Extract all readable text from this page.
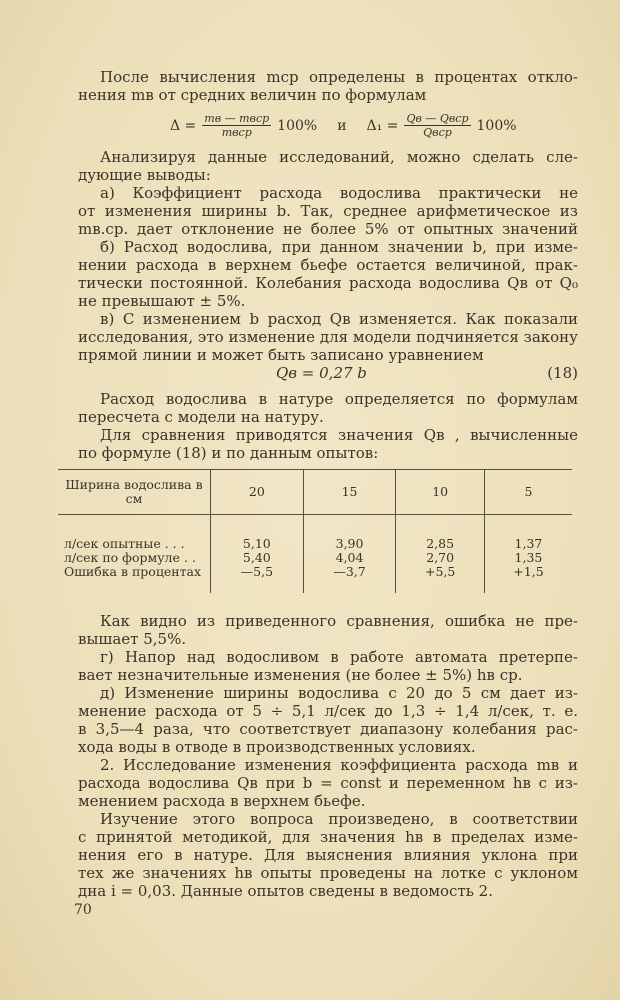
После вычисления mср определены в процентах откло-
нения mв от средних величин по формулам
$\Delta = \frac{\text{mв — mвср}}{\text{mвср}} 100\%$ и $\Delta_1 = \frac{\text{Qв — Qвср}}{\text{Qвср}} 100\%$
Анализируя данные исследований, можно сделать сле-
дующие выводы:
а) Коэффициент расхода водослива практически не
от изменения ширины b. Так, среднее арифметическое из
mв.ср. дает отклонение не более 5% от опытных значений
б) Расход водослива, при данном значении b, при изме-
нении расхода в верхнем бьефе остается величиной, прак-
тически постоянной. Колебания расхода водослива Qв от Q₀
не превышают ± 5%.
в) С изменением b расход Qв изменяется. Как показали
исследования, это изменение для модели подчиняется закону
прямой линии и может быть записано уравнением
Qв = 0,27 b	(18)
Расход водослива в натуре определяется по формулам
пересчета с модели на натуру.
Для сравнения приводятся значения Qв , вычисленные
по формуле (18) и по данным опытов:
Ширина водослива в см	20	15	10	5
л/сек опытные . . .	5,10	3,90	2,85	1,37
л/сек по формуле . .	5,40	4,04	2,70	1,35
Ошибка в процентах	—5,5	—3,7	+5,5	+1,5
Как видно из приведенного сравнения, ошибка не пре-
вышает 5,5%.
г) Напор над водосливом в работе автомата претерпе-
вает незначительные изменения (не более ± 5%) hв ср.
д) Изменение ширины водослива с 20 до 5 см дает из-
менение расхода от 5 ÷ 5,1 л/сек до 1,3 ÷ 1,4 л/сек, т. е.
в 3,5—4 раза, что соответствует диапазону колебания рас-
хода воды в отводе в производственных условиях.
2. Исследование изменения коэффициента расхода mв и
расхода водослива Qв при b = const и переменном hв с из-
менением расхода в верхнем бьефе.
Изучение этого вопроса произведено, в соответствии
с принятой методикой, для значения hв в пределах изме-
нения его в натуре. Для выяснения влияния уклона при
тех же значениях hв опыты проведены на лотке с уклоном
дна i = 0,03. Данные опытов сведены в ведомость 2.
70
